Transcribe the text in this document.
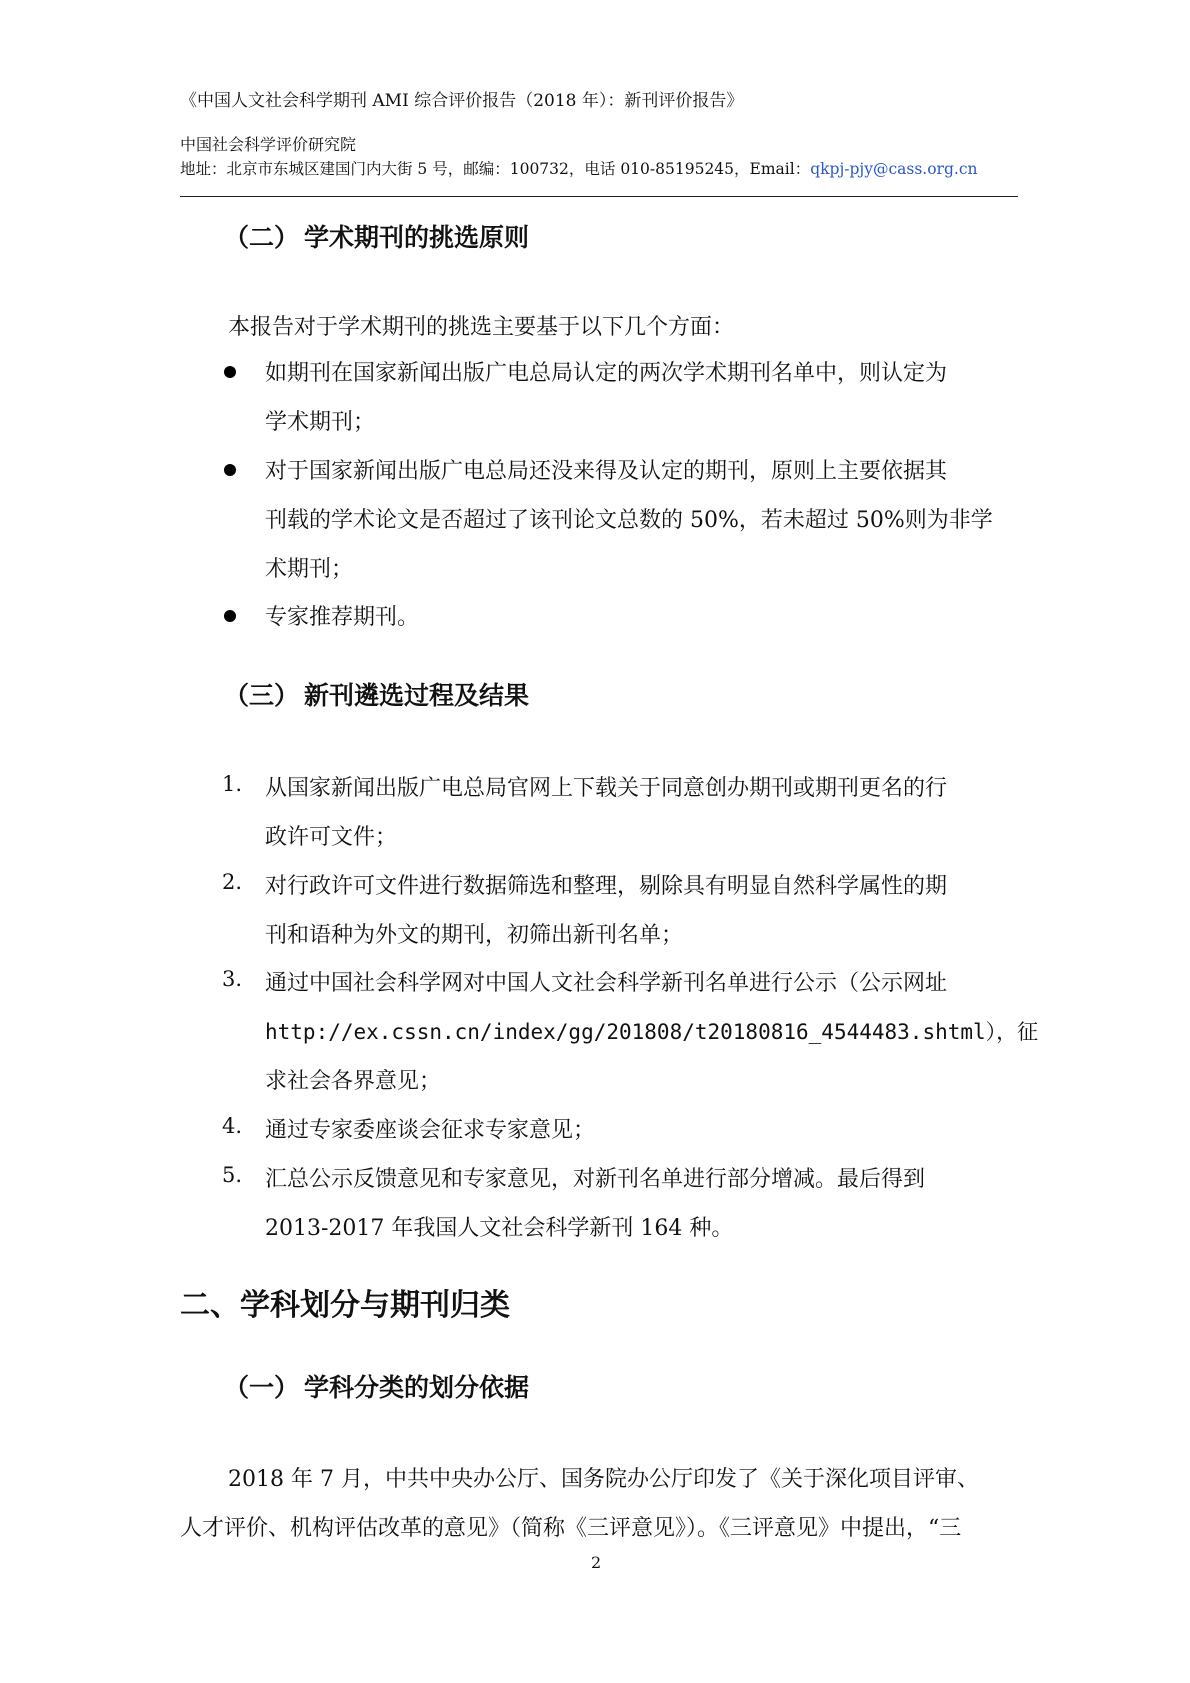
《中国人文社会科学期刊 AMI 综合评价报告（2018 年）：新刊评价报告》
中国社会科学评价研究院
地址：北京市东城区建国门内大街 5 号，邮编：100732，电话 010-85195245，Email：qkpj-pjy@cass.org.cn
（二） 学术期刊的挑选原则
本报告对于学术期刊的挑选主要基于以下几个方面：
如期刊在国家新闻出版广电总局认定的两次学术期刊名单中，则认定为
学术期刊；
对于国家新闻出版广电总局还没来得及认定的期刊，原则上主要依据其
刊载的学术论文是否超过了该刊论文总数的 50%，若未超过 50%则为非学
术期刊；
专家推荐期刊。
（三） 新刊遴选过程及结果
1. 从国家新闻出版广电总局官网上下载关于同意创办期刊或期刊更名的行
政许可文件；
2. 对行政许可文件进行数据筛选和整理，剔除具有明显自然科学属性的期
刊和语种为外文的期刊，初筛出新刊名单；
3. 通过中国社会科学网对中国人文社会科学新刊名单进行公示（公示网址
http://ex.cssn.cn/index/gg/201808/t20180816_4544483.shtml），征
求社会各界意见；
4. 通过专家委座谈会征求专家意见；
5. 汇总公示反馈意见和专家意见，对新刊名单进行部分增减。最后得到
2013-2017 年我国人文社会科学新刊 164 种。
二、学科划分与期刊归类
（一） 学科分类的划分依据
2018 年 7 月，中共中央办公厅、国务院办公厅印发了《关于深化项目评审、
人才评价、机构评估改革的意见》（简称《三评意见》）。《三评意见》中提出，“三
2
